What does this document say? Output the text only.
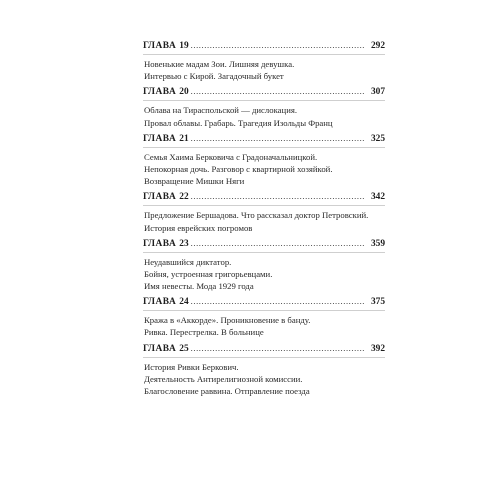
ГЛАВА 19 ................................................................ 292
Новенькие мадам Зои. Лишняя девушка.
Интервью с Кирой. Загадочный букет
ГЛАВА 20 ................................................................ 307
Облава на Тираспольской — дислокация.
Провал облавы. Грабарь. Трагедия Изольды Франц
ГЛАВА 21 ................................................................ 325
Семья Хаима Берковича с Градоначальницкой.
Непокорная дочь. Разговор с квартирной хозяйкой.
Возвращение Мишки Няги
ГЛАВА 22 ................................................................ 342
Предложение Бершадова. Что рассказал доктор Петровский.
История еврейских погромов
ГЛАВА 23 ................................................................ 359
Неудавшийся диктатор.
Бойня, устроенная григорьевцами.
Имя невесты. Мода 1929 года
ГЛАВА 24 ................................................................ 375
Кража в «Аккорде». Проникновение в банду.
Ривка. Перестрелка. В больнице
ГЛАВА 25 ................................................................ 392
История Ривки Беркович.
Деятельность Антирелигиозной комиссии.
Благословение раввина. Отправление поезда
